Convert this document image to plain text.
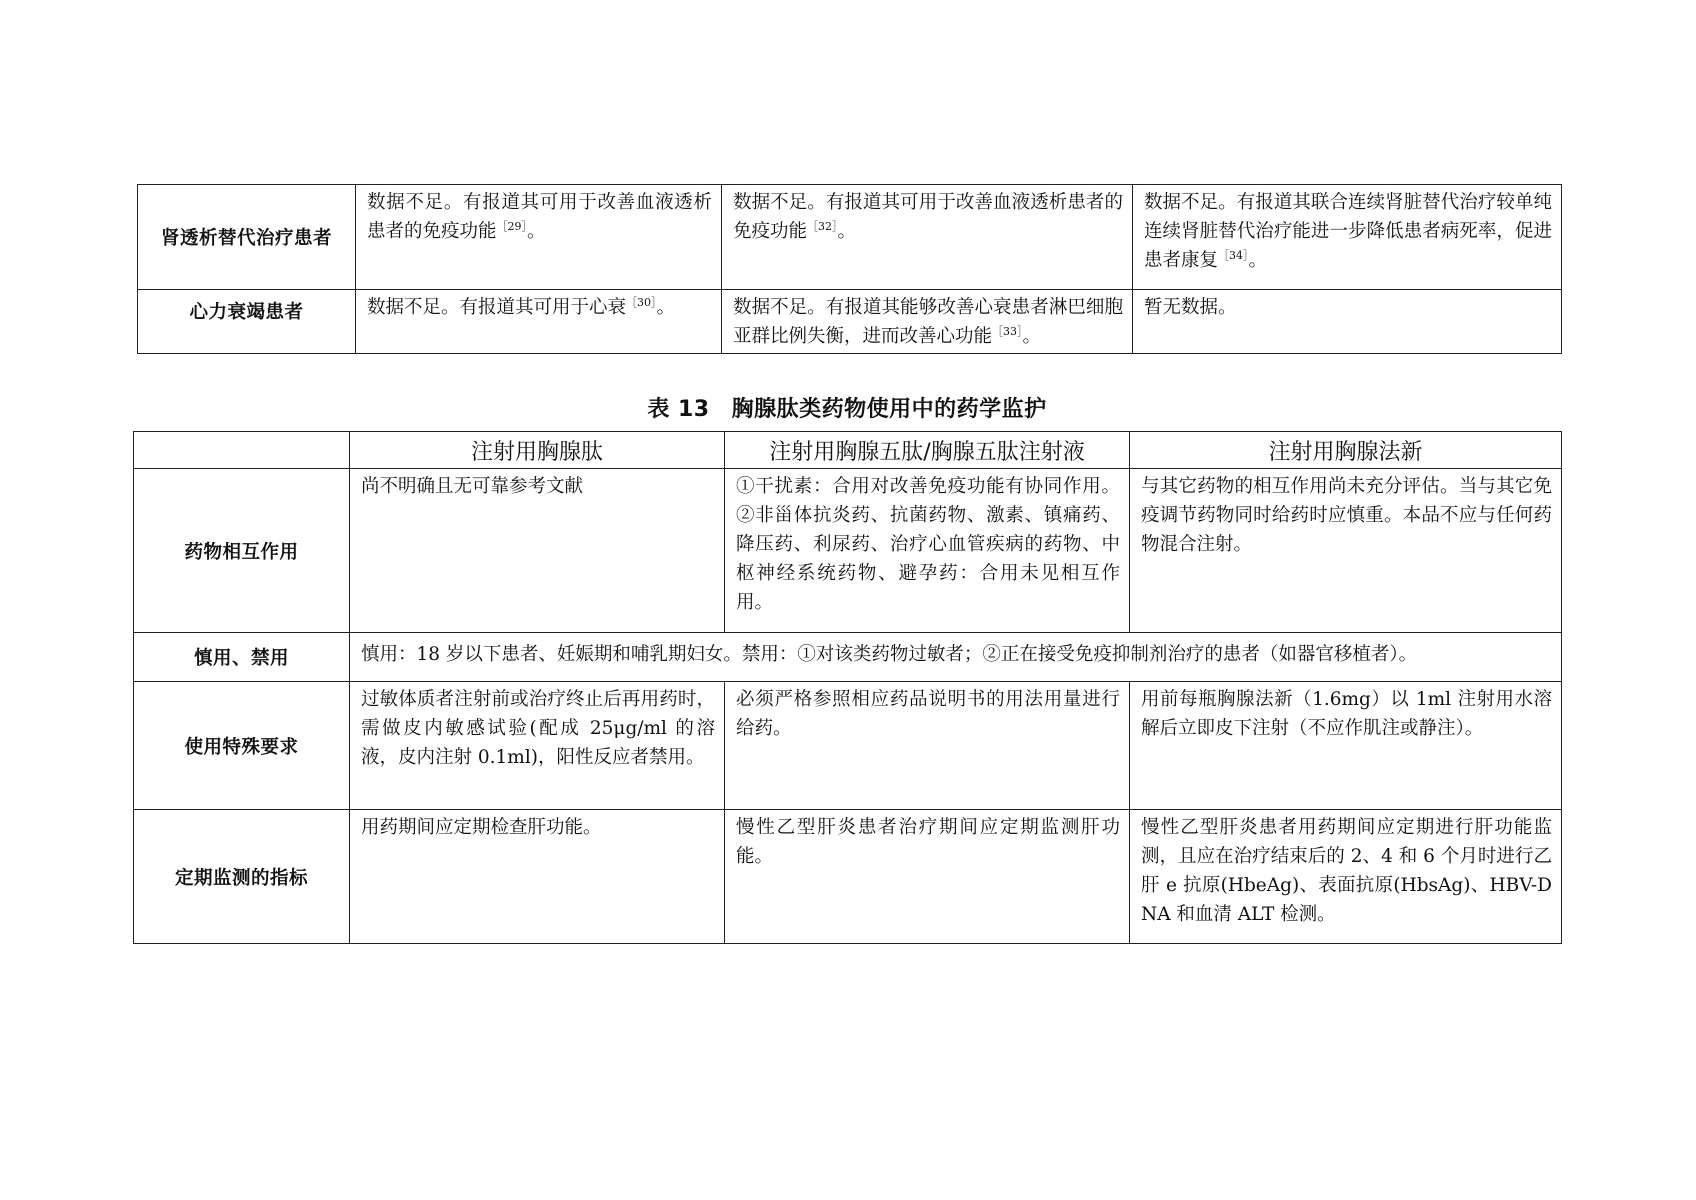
肾透析替代治疗患者	数据不足。有报道其可用于改善血液透析患者的免疫功能$^{[29]}$。	数据不足。有报道其可用于改善血液透析患者的免疫功能$^{[32]}$。	数据不足。有报道其联合连续肾脏替代治疗较单纯连续肾脏替代治疗能进一步降低患者病死率，促进患者康复$^{[34]}$。

心力衰竭患者	数据不足。有报道其可用于心衰$^{[30]}$。	数据不足。有报道其能够改善心衰患者淋巴细胞亚群比例失衡，进而改善心功能$^{[33]}$。	暂无数据。
表 13 胸腺肽类药物使用中的药学监护
	注射用胸腺肽	注射用胸腺五肽/胸腺五肽注射液	注射用胸腺法新
药物相互作用	尚不明确且无可靠参考文献	①干扰素：合用对改善免疫功能有协同作用。②非甾体抗炎药、抗菌药物、激素、镇痛药、降压药、利尿药、治疗心血管疾病的药物、中枢神经系统药物、避孕药：合用未见相互作用。	与其它药物的相互作用尚未充分评估。当与其它免疫调节药物同时给药时应慎重。本品不应与任何药物混合注射。

慎用、禁用	慎用：18 岁以下患者、妊娠期和哺乳期妇女。禁用：①对该类药物过敏者；②正在接受免疫抑制剂治疗的患者（如器官移植者）。		

使用特殊要求	过敏体质者注射前或治疗终止后再用药时，需做皮内敏感试验(配成 25μg/ml 的溶液，皮内注射 0.1ml)，阳性反应者禁用。	必须严格参照相应药品说明书的用法用量进行给药。	用前每瓶胸腺法新（1.6mg）以 1ml 注射用水溶解后立即皮下注射（不应作肌注或静注）。

定期监测的指标	用药期间应定期检查肝功能。	慢性乙型肝炎患者治疗期间应定期监测肝功能。	慢性乙型肝炎患者用药期间应定期进行肝功能监测，且应在治疗结束后的 2、4 和 6 个月时进行乙肝 e 抗原(HbeAg)、表面抗原(HbsAg)、HBV-DNA 和血清 ALT 检测。
